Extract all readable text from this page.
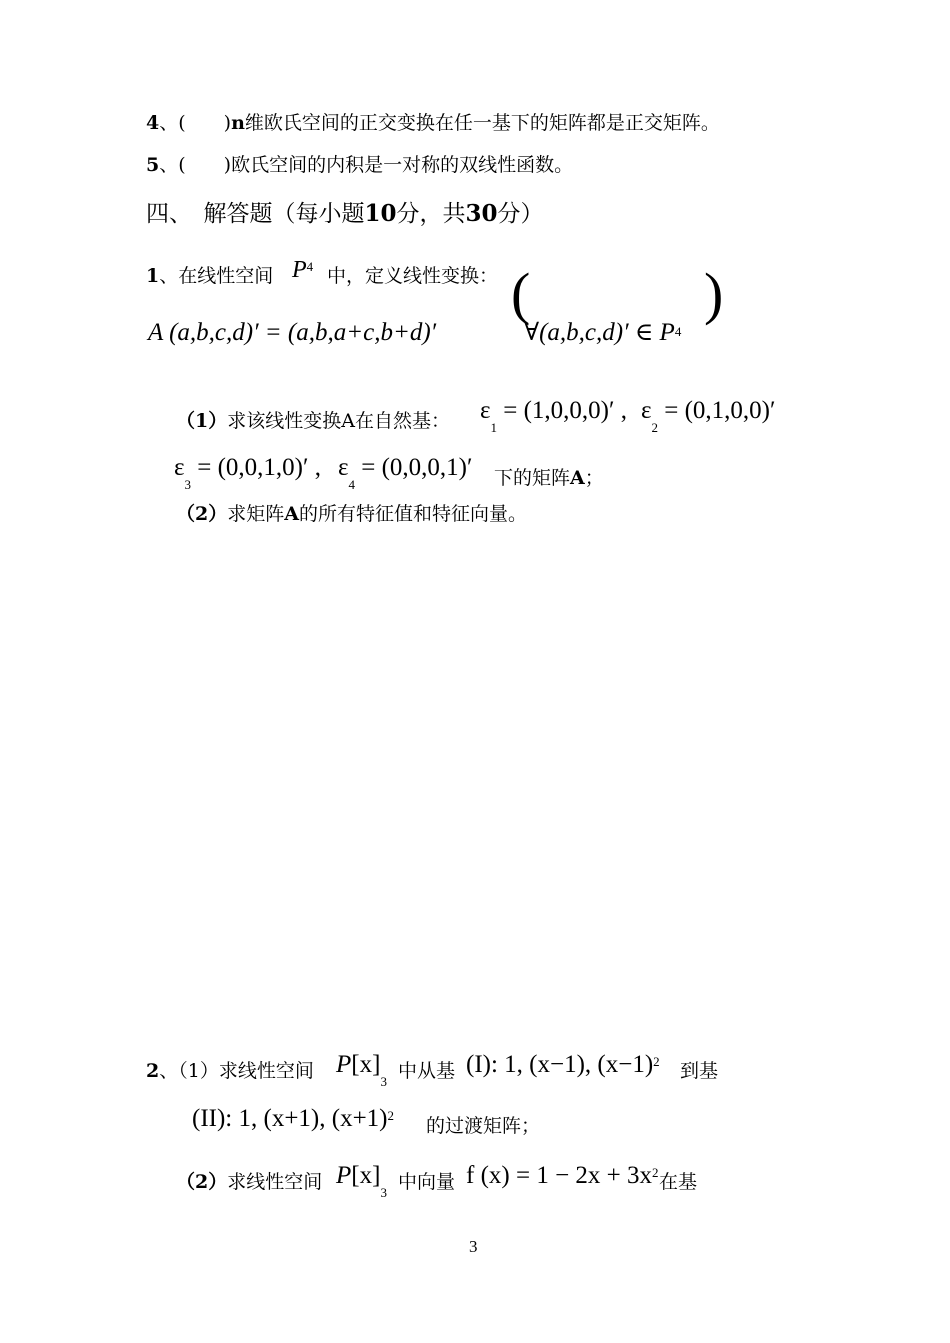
4、(　　 )n维欧氏空间的正交变换在任一基下的矩阵都是正交矩阵。
5、(　　 )欧氏空间的内积是一对称的双线性函数。
四、　解答题（每小题10分，共30分）
1、在线性空间 $P^4$ 中，定义线性变换：
A (a,b,c,d)′ = (a,b,a+c,b+d)′
(
∀(a,b,c,d)′ ∈ P4
)
（1）求该线性变换A在自然基： $\varepsilon_1 = (1,0,0,0)'$ , $\varepsilon_2 = (0,1,0,0)'$
$\varepsilon_3 = (0,0,1,0)'$ , $\varepsilon_4 = (0,0,0,1)'$ 下的矩阵A；
（2）求矩阵A的所有特征值和特征向量。
2、（1）求线性空间 $P[x]_3$ 中从基 (I): 1, (x−1), $(x-1)^2$ 到基
(II): 1, (x+1), $(x+1)^2$ 的过渡矩阵；
（2）求线性空间 $P[x]_3$ 中向量 f $(x) = 1 - 2x + 3x^2$ 在基
3
